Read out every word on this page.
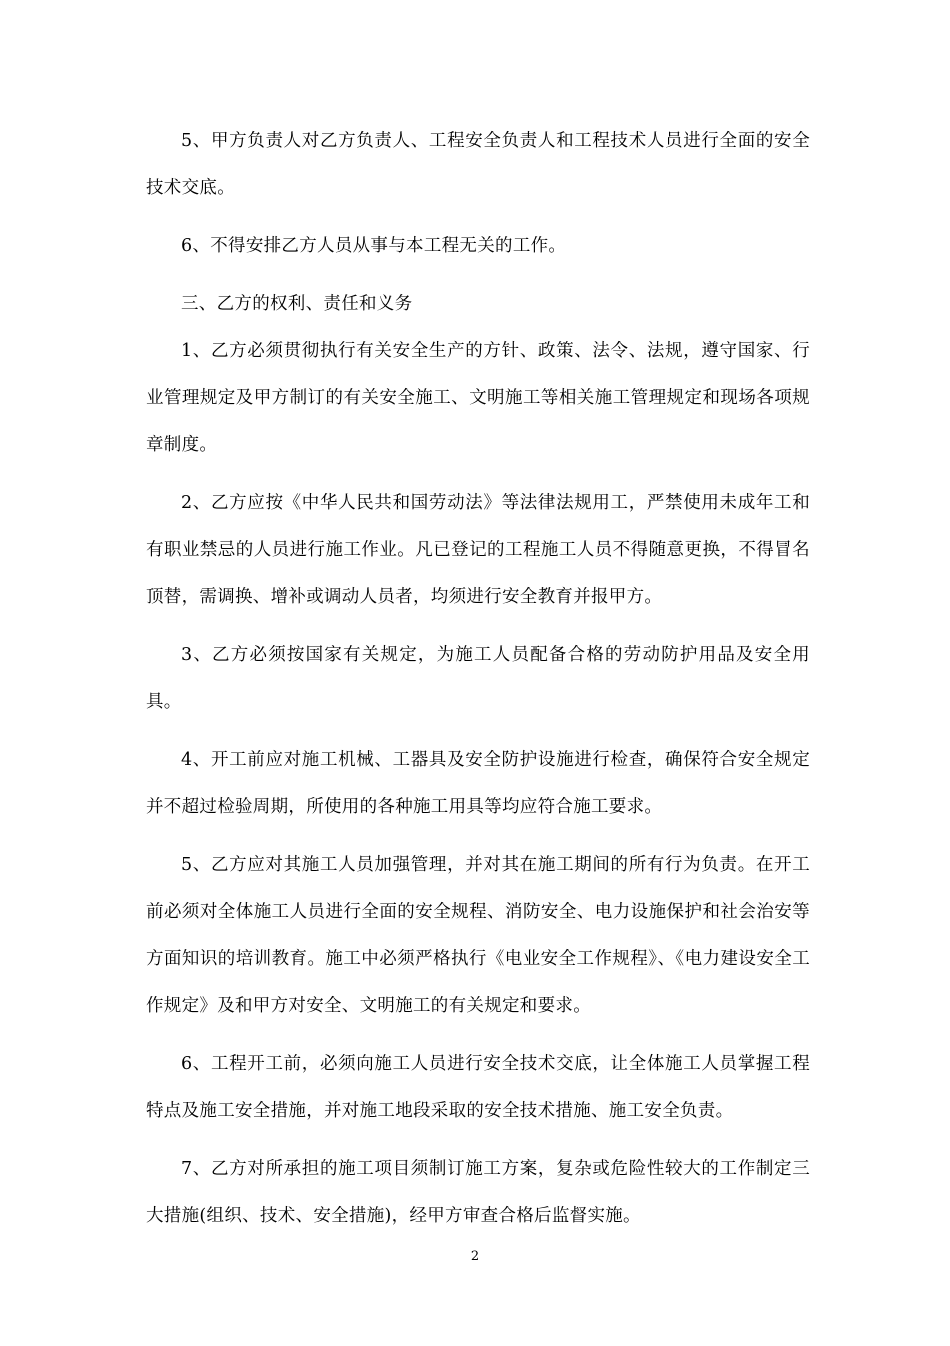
5、甲方负责人对乙方负责人、工程安全负责人和工程技术人员进行全面的安全技术交底。

6、不得安排乙方人员从事与本工程无关的工作。

三、乙方的权利、责任和义务

1、乙方必须贯彻执行有关安全生产的方针、政策、法令、法规，遵守国家、行业管理规定及甲方制订的有关安全施工、文明施工等相关施工管理规定和现场各项规章制度。

2、乙方应按《中华人民共和国劳动法》等法律法规用工，严禁使用未成年工和有职业禁忌的人员进行施工作业。凡已登记的工程施工人员不得随意更换，不得冒名顶替，需调换、增补或调动人员者，均须进行安全教育并报甲方。

3、乙方必须按国家有关规定，为施工人员配备合格的劳动防护用品及安全用具。

4、开工前应对施工机械、工器具及安全防护设施进行检查，确保符合安全规定并不超过检验周期，所使用的各种施工用具等均应符合施工要求。

5、乙方应对其施工人员加强管理，并对其在施工期间的所有行为负责。在开工前必须对全体施工人员进行全面的安全规程、消防安全、电力设施保护和社会治安等方面知识的培训教育。施工中必须严格执行《电业安全工作规程》、《电力建设安全工作规定》及和甲方对安全、文明施工的有关规定和要求。

6、工程开工前，必须向施工人员进行安全技术交底，让全体施工人员掌握工程特点及施工安全措施，并对施工地段采取的安全技术措施、施工安全负责。

7、乙方对所承担的施工项目须制订施工方案，复杂或危险性较大的工作制定三大措施(组织、技术、安全措施)，经甲方审查合格后监督实施。

2
